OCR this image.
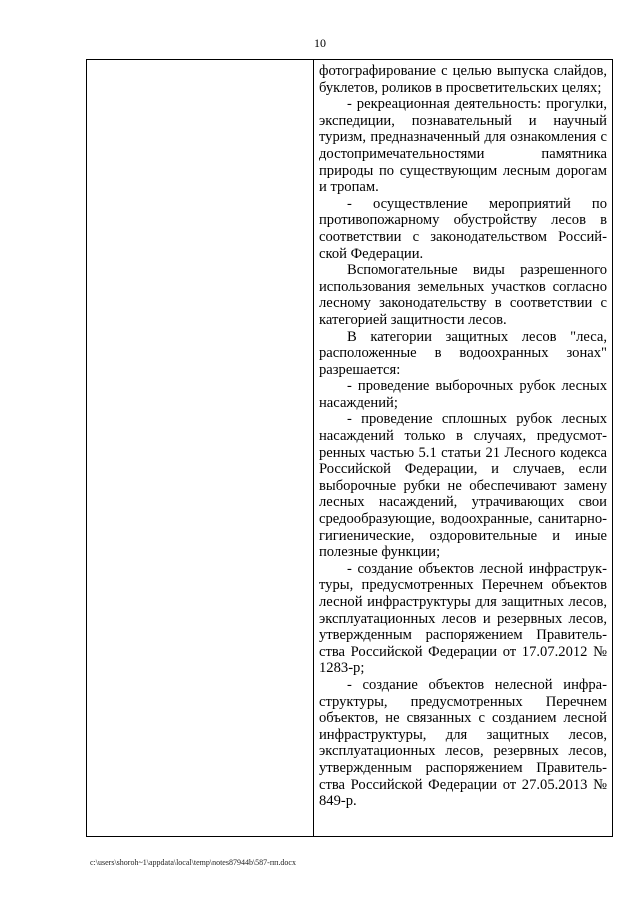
10

фотографирование с целью выпуска слайдов, буклетов, роликов в просветительских целях;

- рекреационная деятельность: прогулки, экспедиции, познавательный и научный туризм, предназначенный для ознакомления с достопримечательностями памятника природы по существующим лесным дорогам и тропам.

- осуществление мероприятий по противопожарному обустройству лесов в соответствии с законодательством Российской Федерации.

Вспомогательные виды разрешенного использования земельных участков согласно лесному законодательству в соответствии с категорией защитности лесов.

В категории защитных лесов "леса, расположенные в водоохранных зонах" разрешается:

- проведение выборочных рубок лесных насаждений;

- проведение сплошных рубок лесных насаждений только в случаях, предусмотренных частью 5.1 статьи 21 Лесного кодекса Российской Федерации, и случаев, если выборочные рубки не обеспечивают замену лесных насаждений, утрачивающих свои средообразующие, водоохранные, санитарно-гигиенические, оздоровительные и иные полезные функции;

- создание объектов лесной инфраструктуры, предусмотренных Перечнем объектов лесной инфраструктуры для защитных лесов, эксплуатационных лесов и резервных лесов, утвержденным распоряжением Правительства Российской Федерации от 17.07.2012 № 1283-р;

- создание объектов нелесной инфраструктуры, предусмотренных Перечнем объектов, не связанных с созданием лесной инфраструктуры, для защитных лесов, эксплуатационных лесов, резервных лесов, утвержденным распоряжением Правительства Российской Федерации от 27.05.2013 № 849-р.

c:\users\shoroh~1\appdata\local\temp\notes87944b\587-пп.docx
